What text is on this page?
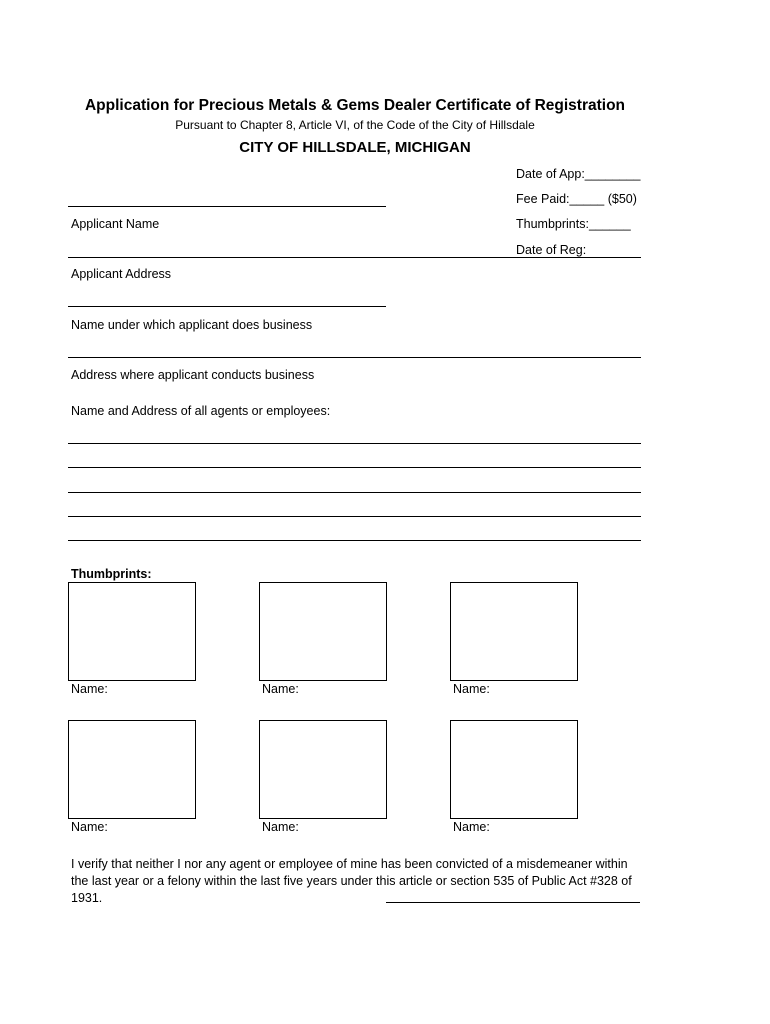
Application for Precious Metals & Gems Dealer Certificate of Registration
Pursuant to Chapter 8, Article VI, of the Code of the City of Hillsdale
CITY OF HILLSDALE, MICHIGAN
Date of App:________
Fee Paid:_____ ($50)
Thumbprints:______
Date of Reg:
Applicant Name
Applicant Address
Name under which applicant does business
Address where applicant conducts business
Name and Address of all agents or employees:
Thumbprints:
Name:	Name:	Name:
Name:	Name:	Name:
I verify that neither I nor any agent or employee of mine has been convicted of a misdemeaner within the last year or a felony within the last five years under this article or section 535 of Public Act #328 of 1931.
